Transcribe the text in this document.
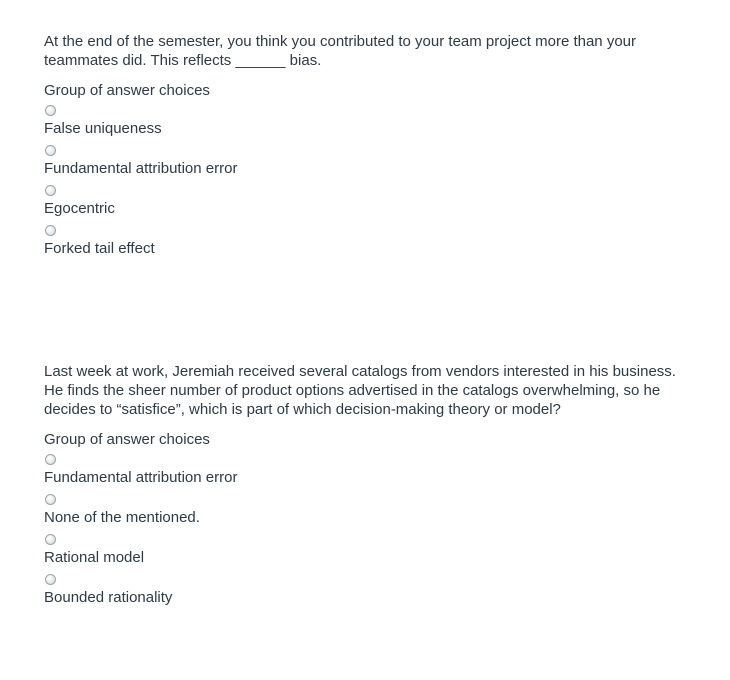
At the end of the semester, you think you contributed to your team project more than your teammates did. This reflects ______ bias.

Group of answer choices
False uniqueness
Fundamental attribution error
Egocentric
Forked tail effect

Last week at work, Jeremiah received several catalogs from vendors interested in his business. He finds the sheer number of product options advertised in the catalogs overwhelming, so he decides to “satisfice”, which is part of which decision-making theory or model?

Group of answer choices
Fundamental attribution error
None of the mentioned.
Rational model
Bounded rationality
